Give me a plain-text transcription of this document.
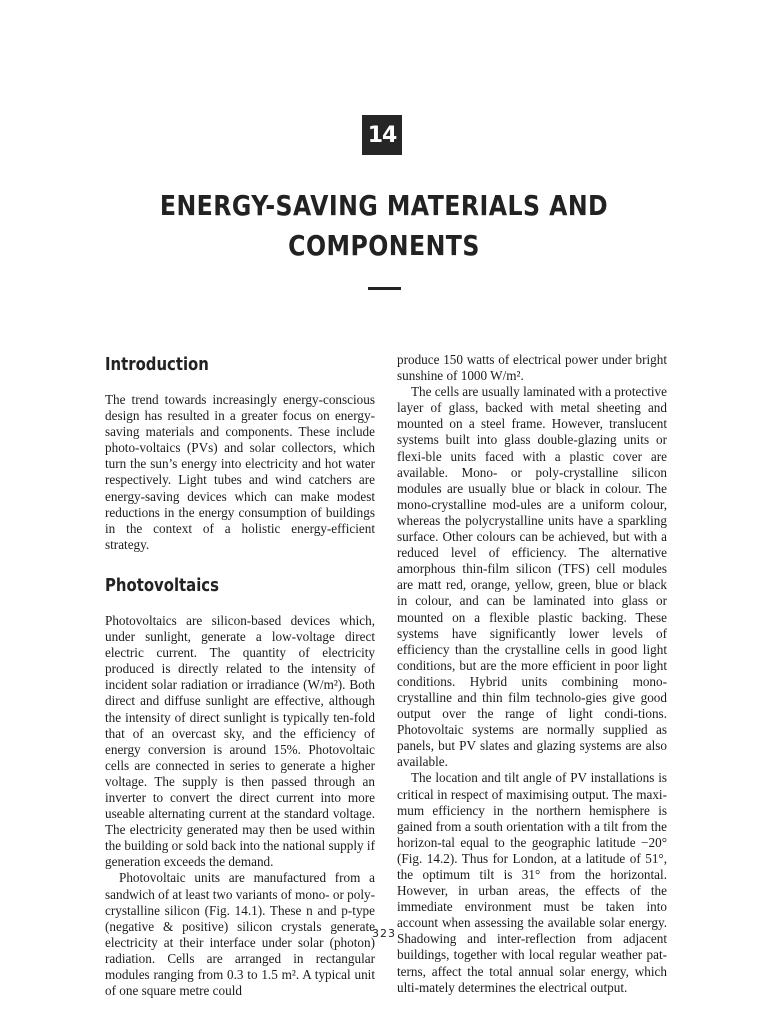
14
ENERGY-SAVING MATERIALS AND
COMPONENTS
Introduction

The trend towards increasingly energy-conscious design has resulted in a greater focus on energy-saving materials and components. These include photo-voltaics (PVs) and solar collectors, which turn the sun’s energy into electricity and hot water respectively. Light tubes and wind catchers are energy-saving devices which can make modest reductions in the energy consumption of buildings in the context of a holistic energy-efficient strategy.

Photovoltaics

Photovoltaics are silicon-based devices which, under sunlight, generate a low-voltage direct electric current. The quantity of electricity produced is directly related to the intensity of incident solar radiation or irradiance (W/m²). Both direct and diffuse sunlight are effective, although the intensity of direct sunlight is typically ten-fold that of an overcast sky, and the efficiency of energy conversion is around 15%. Photovoltaic cells are connected in series to generate a higher voltage. The supply is then passed through an inverter to convert the direct current into more useable alternating current at the standard voltage. The electricity generated may then be used within the building or sold back into the national supply if generation exceeds the demand.

Photovoltaic units are manufactured from a sandwich of at least two variants of mono- or poly-crystalline silicon (Fig. 14.1). These n and p-type (negative & positive) silicon crystals generate electricity at their interface under solar (photon) radiation. Cells are arranged in rectangular modules ranging from 0.3 to 1.5 m². A typical unit of one square metre could

produce 150 watts of electrical power under bright sunshine of 1000 W/m².

The cells are usually laminated with a protective layer of glass, backed with metal sheeting and mounted on a steel frame. However, translucent systems built into glass double-glazing units or flexi-ble units faced with a plastic cover are available. Mono- or poly-crystalline silicon modules are usually blue or black in colour. The mono-crystalline mod-ules are a uniform colour, whereas the polycrystalline units have a sparkling surface. Other colours can be achieved, but with a reduced level of efficiency. The alternative amorphous thin-film silicon (TFS) cell modules are matt red, orange, yellow, green, blue or black in colour, and can be laminated into glass or mounted on a flexible plastic backing. These systems have significantly lower levels of efficiency than the crystalline cells in good light conditions, but are the more efficient in poor light conditions. Hybrid units combining mono-crystalline and thin film technolo-gies give good output over the range of light condi-tions. Photovoltaic systems are normally supplied as panels, but PV slates and glazing systems are also available.

The location and tilt angle of PV installations is critical in respect of maximising output. The maxi-mum efficiency in the northern hemisphere is gained from a south orientation with a tilt from the horizon-tal equal to the geographic latitude −20° (Fig. 14.2). Thus for London, at a latitude of 51°, the optimum tilt is 31° from the horizontal. However, in urban areas, the effects of the immediate environment must be taken into account when assessing the available solar energy. Shadowing and inter-reflection from adjacent buildings, together with local regular weather pat-terns, affect the total annual solar energy, which ulti-mately determines the electrical output.

323
